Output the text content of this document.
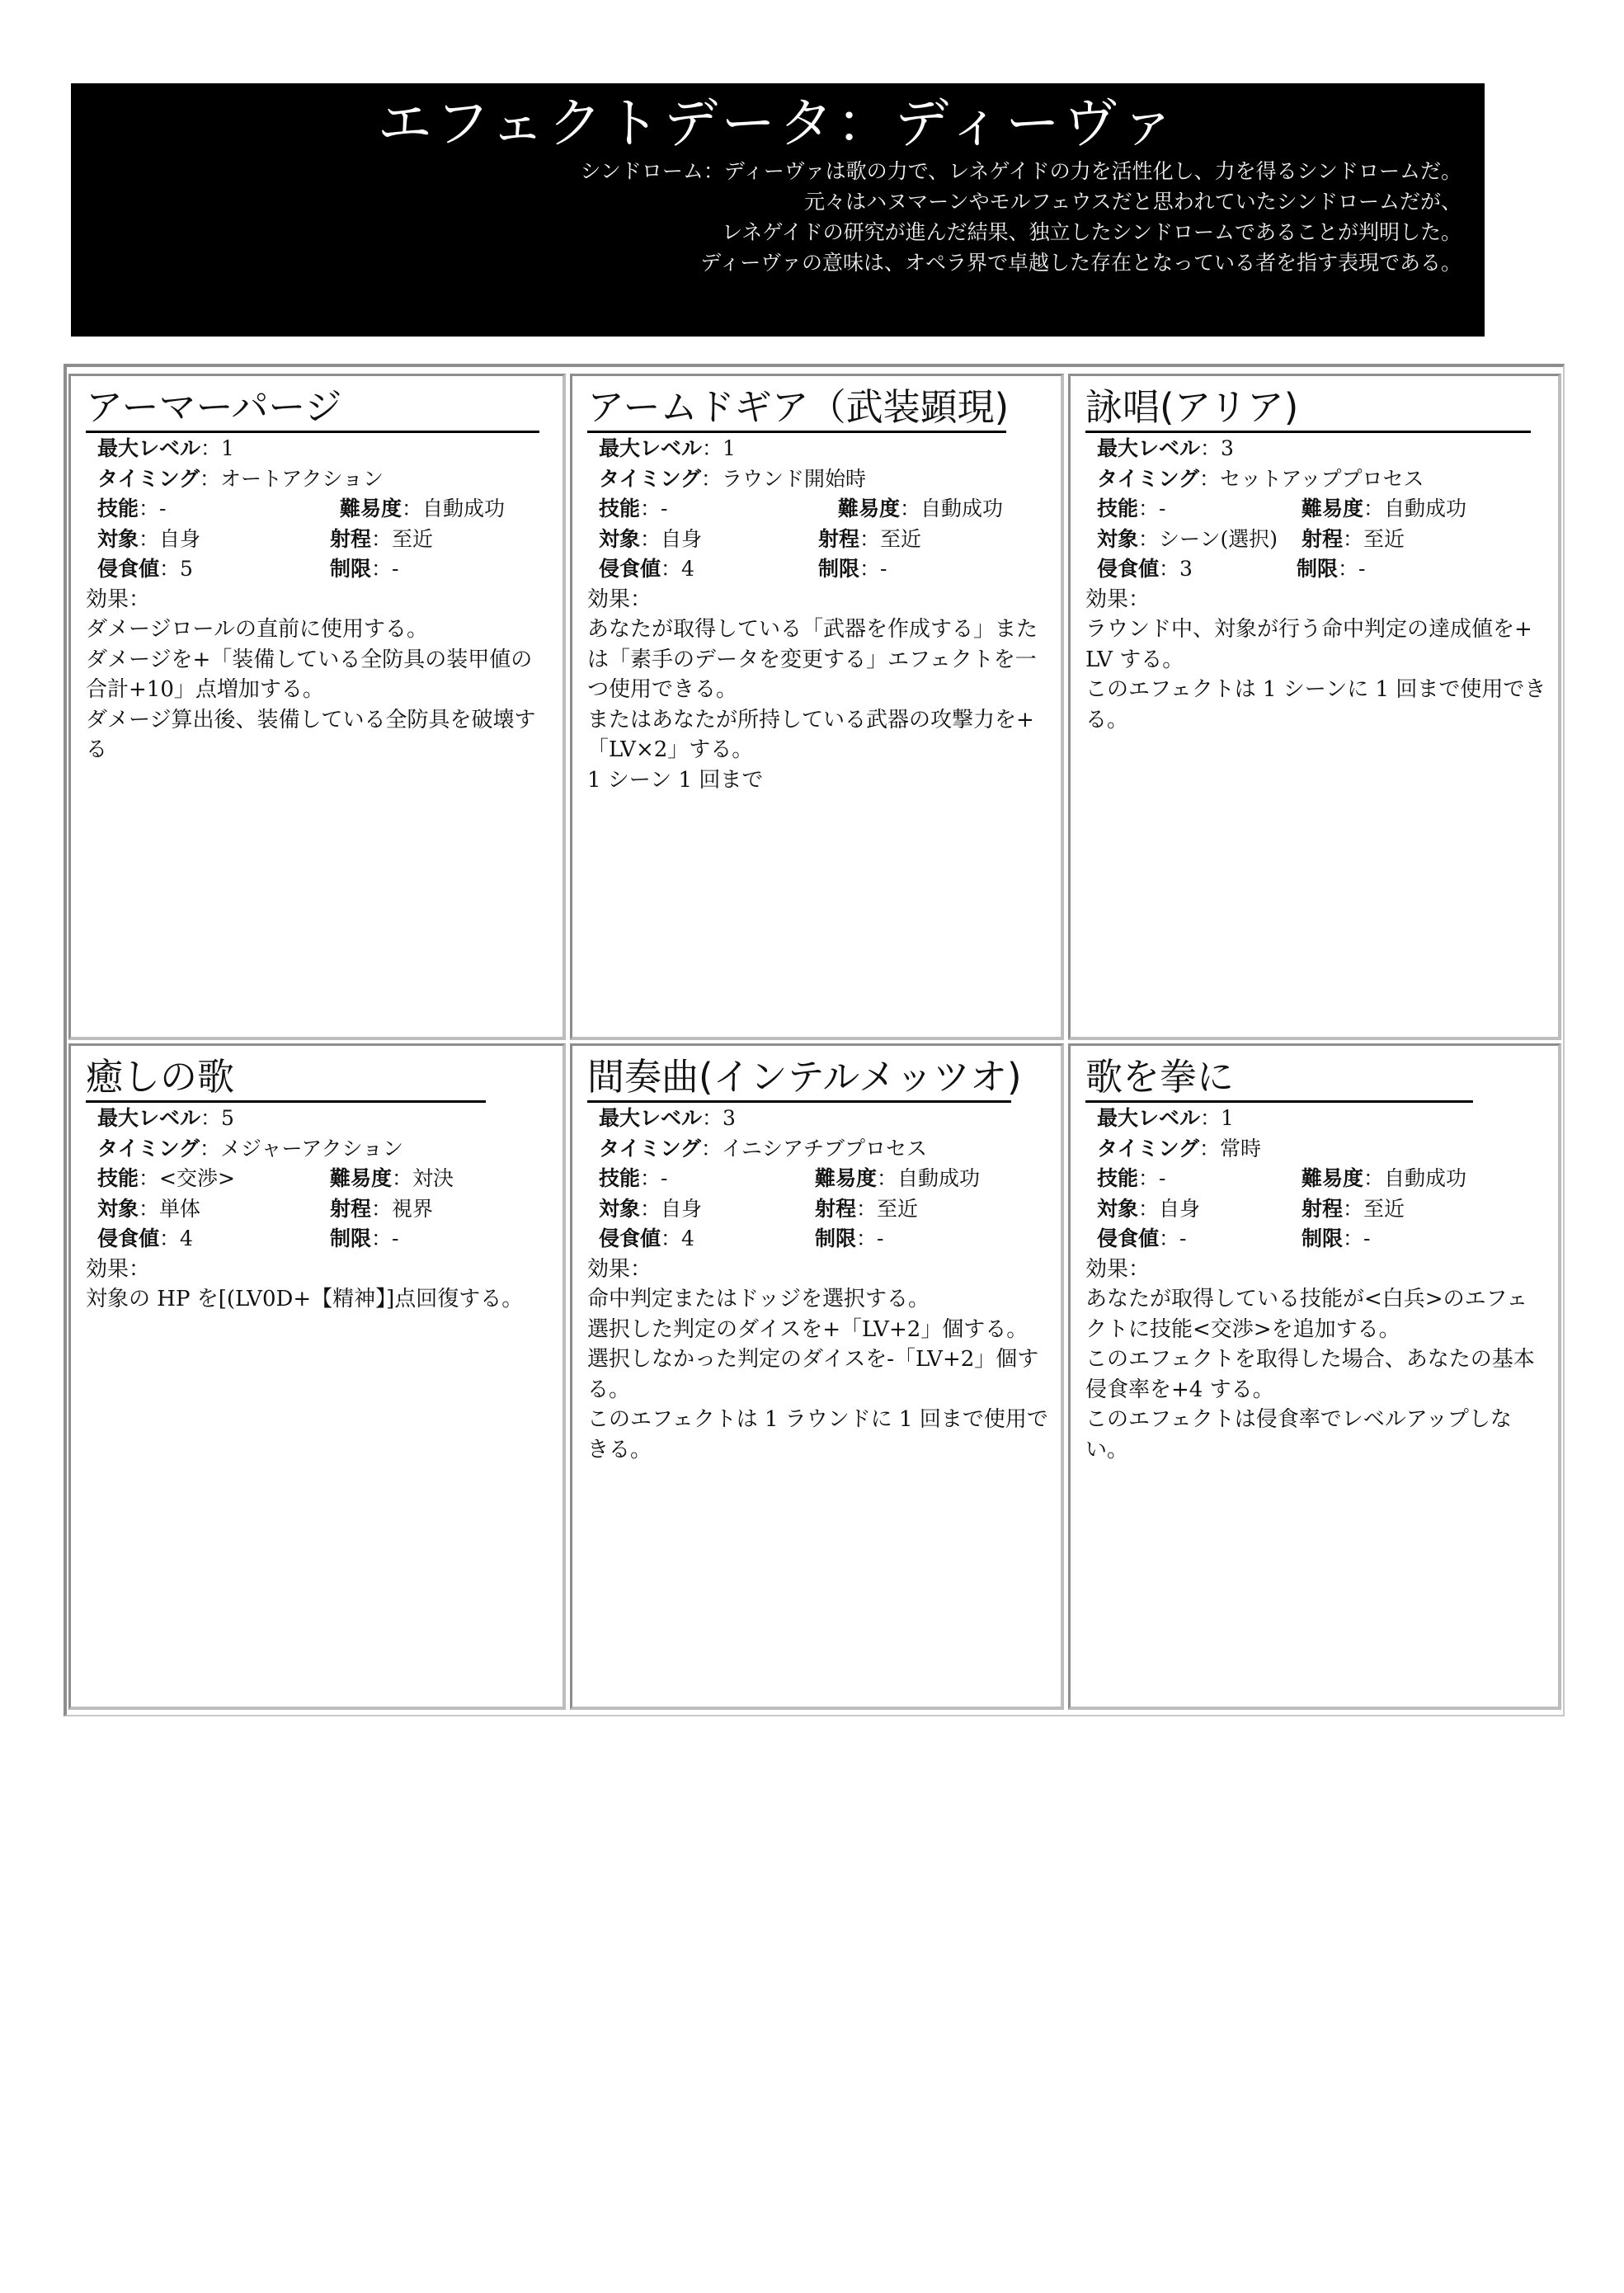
エフェクトデータ：ディーヴァ
シンドローム：ディーヴァは歌の力で、レネゲイドの力を活性化し、力を得るシンドロームだ。
元々はハヌマーンやモルフェウスだと思われていたシンドロームだが、
レネゲイドの研究が進んだ結果、独立したシンドロームであることが判明した。
ディーヴァの意味は、オペラ界で卓越した存在となっている者を指す表現である。
アーマーパージ
最大レベル：1
タイミング：オートアクション
技能：-	難易度：自動成功
対象：自身	射程：至近
侵食値：5	制限：-
効果：
ダメージロールの直前に使用する。
ダメージを+「装備している全防具の装甲値の合計+10」点増加する。
ダメージ算出後、装備している全防具を破壊する
アームドギア（武装顕現)
最大レベル：1
タイミング：ラウンド開始時
技能：-	難易度：自動成功
対象：自身	射程：至近
侵食値：4	制限：-
効果：
あなたが取得している「武器を作成する」または「素手のデータを変更する」エフェクトを一つ使用できる。
またはあなたが所持している武器の攻撃力を+「LV×2」する。
1 シーン 1 回まで
詠唱(アリア)
最大レベル：3
タイミング：セットアッププロセス
技能：-	難易度：自動成功
対象：シーン(選択) 射程：至近
侵食値：3	制限：-
効果：
ラウンド中、対象が行う命中判定の達成値を+LV する。
このエフェクトは 1 シーンに 1 回まで使用できる。
癒しの歌
最大レベル：5
タイミング：メジャーアクション
技能：<交渉>	難易度：対決
対象：単体	射程：視界
侵食値：4	制限：-
効果：
対象の HP を[(LV0D+【精神】]点回復する。
間奏曲(インテルメッツオ)
最大レベル：3
タイミング：イニシアチブプロセス
技能：-	難易度：自動成功
対象：自身	射程：至近
侵食値：4	制限：-
効果：
命中判定またはドッジを選択する。
選択した判定のダイスを+「LV+2」個する。
選択しなかった判定のダイスを-「LV+2」個する。
このエフェクトは 1 ラウンドに 1 回まで使用できる。
歌を拳に
最大レベル：1
タイミング：常時
技能：-	難易度：自動成功
対象：自身	射程：至近
侵食値：-	制限：-
効果：
あなたが取得している技能が<白兵>のエフェクトに技能<交渉>を追加する。
このエフェクトを取得した場合、あなたの基本侵食率を+4 する。
このエフェクトは侵食率でレベルアップしない。
